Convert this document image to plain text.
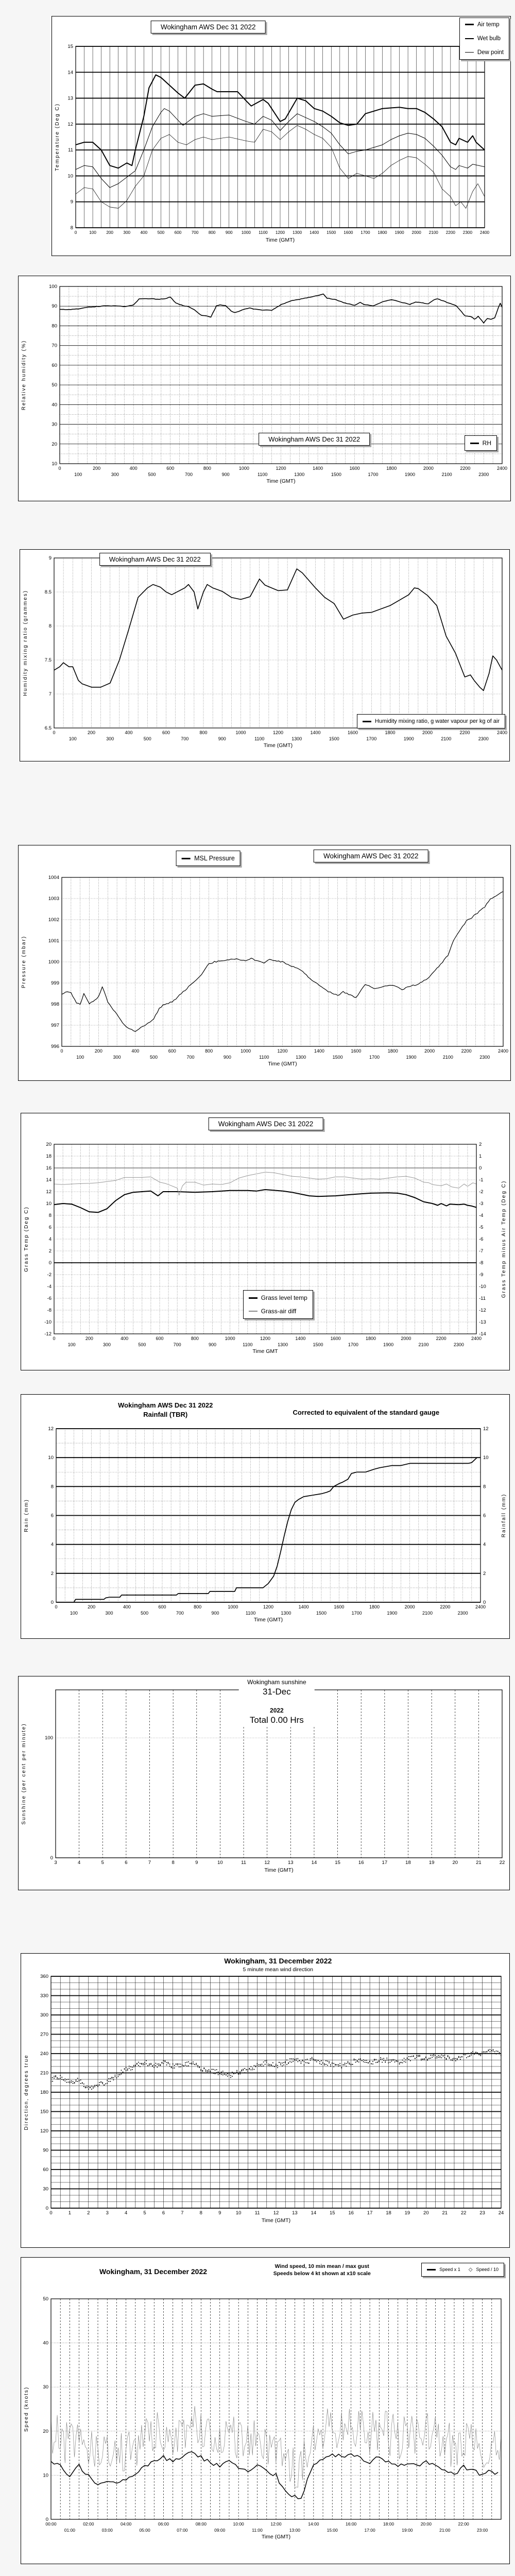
8
9
10
11
12
13
14
15
0	100 200 300 400 500 600 700 800 900 1000 1100 1200 1300 1400 1500 1600 1700 1800 1900 2000 2100 2200 2300 2400
Time (GMT)
Temperature (Deg C)
Wokingham AWS Dec 31 2022	Air temp
Wet bulb
Dew point
10
20
30
40
50
60
70
80
90
100
0
100
200
300
400
500
600
700
800
900
1000
1100
1200
1300
1400
1500
1600
1700
1800
1900
2000
2100
2200
2300
2400
Time (GMT)
Relative humidity (%)
Wokingham AWS Dec 31 2022	RH
6.5
7
7.5
8
8.5
9
0
100
200
300
400
500
600
700
800
900
1000
1100
1200
1300
1400
1500
1600
1700
1800
1900
2000
2100
2200
2300
2400
Time (GMT)
Humidity mixing ratio (grammes)
Wokingham AWS Dec 31 2022
Humidity mixing ratio, g water vapour per kg of air
996
997
998
999
1000
1001
1002
1003
1004
0
100
200
300
400
500
600
700
800
900
1000
1100
1200
1300
1400
1500
1600
1700
1800
1900
2000
2100
2200
2300
2400
Time (GMT)
Pressure (mbar)
MSL Pressure	Wokingham AWS Dec 31 2022
-12
-10
-8
-6
-4
-2
0
2
4
6
8
10
12
14
16
18
20
-14
-13
-12
-11
-10
-9
-8
-7
-6
-5
-4
-3
-2
-1
0
1
2
0
100
200
300
400
500
600
700
800
900
1000
1100
1200
1300
1400
1500
1600
1700
1800
1900
2000
2100
2200
2300
2400
Time GMT
Grass Temp (Deg C)	Grass Temp minus Air Temp (Deg C)
Wokingham AWS Dec 31 2022
Grass level temp
Grass-air diff
0
2
4
6
8
10
12
0
2
4
6
8
10
12
0
100
200
300
400
500
600
700
800
900
1000
1100
1200
1300
1400
1500
1600
1700
1800
1900
2000
2100
2200
2300
2400
Time (GMT)
Rain (mm)	Rainfall (mm)
Wokingham AWS Dec 31 2022
Rainfall (TBR)	Corrected to equivalent of the standard gauge
0
100
3	4	5	6	7	8	9	10	11	12	13	14	15	16	17	18	19	20	21	22
Time (GMT)
Sunshine (per cent per minute)
Wokingham sunshine
31-Dec
2022
Total 0.00 Hrs
0
30
60
90
120
150
180
210
240
270
300
330
360
0	1	2	3	4	5	6	7	8	9	10	11	12	13	14	15	16	17	18	19	20	21	22	23	24
Time (GMT)
Direction, degrees true
Wokingham, 31 December 2022
5 minute mean wind direction
0
10
20
30
40
50
00:00
01:00
02:00
03:00
04:00
05:00
06:00
07:00
08:00
09:00
10:00
11:00
12:00
13:00
14:00
15:00
16:00
17:00
18:00
19:00
20:00
21:00
22:00
23:00
Time (GMT)
Speed (knots)
Wokingham, 31 December 2022
Wind speed, 10 min mean / max gust
Speeds below 4 kt shown at x10 scale
Speed x 1 ◇ Speed / 10
